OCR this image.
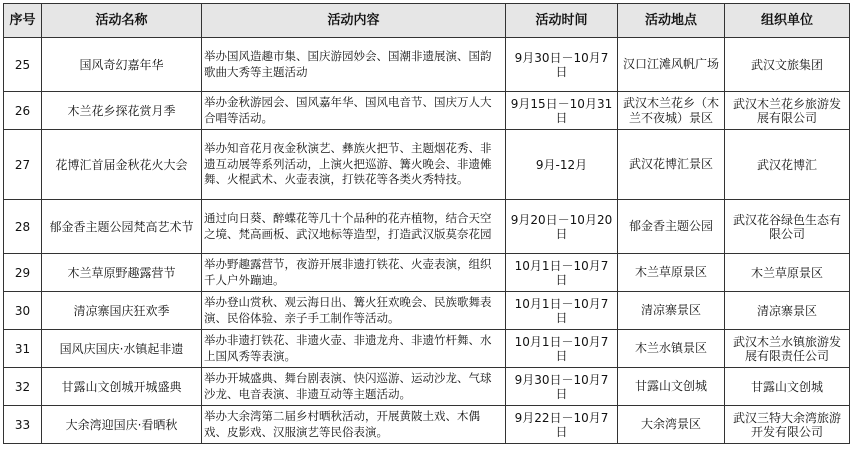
序号	活动名称	活动内容	活动时间	活动地点	组织单位
25	国风奇幻嘉年华	举办国风造趣市集、国庆游园妙会、国潮非遗展演、国韵歌曲大秀等主题活动	9月30日－10月7日	汉口江滩风帆广场	武汉文旅集团
26	木兰花乡探花赏月季	举办金秋游园会、国风嘉年华、国风电音节、国庆万人大合唱等活动。	9月15日－10月31日	武汉木兰花乡（木兰不夜城）景区	武汉木兰花乡旅游发展有限公司
27	花博汇首届金秋花火大会	举办知音花月夜金秋演艺、彝族火把节、主题烟花秀、非遗互动展等系列活动，上演火把巡游、篝火晚会、非遗傩舞、火棍武术、火壶表演，打铁花等各类火秀特技。	9月-12月	武汉花博汇景区	武汉花博汇
28	郁金香主题公园梵高艺术节	通过向日葵、醉蝶花等几十个品种的花卉植物，结合天空之境、梵高画板、武汉地标等造型，打造武汉版莫奈花园	9月20日－10月20日	郁金香主题公园	武汉花谷绿色生态有限公司
29	木兰草原野趣露营节	举办野趣露营节，夜游开展非遗打铁花、火壶表演，组织千人户外蹦迪。	10月1日－10月7日	木兰草原景区	木兰草原景区
30	清凉寨国庆狂欢季	举办登山赏秋、观云海日出、篝火狂欢晚会、民族歌舞表演、民俗体验、亲子手工制作等活动。	10月1日－10月7日	清凉寨景区	清凉寨景区
31	国风庆国庆·水镇起非遗	举办非遗打铁花、非遗火壶、非遗龙舟、非遗竹杆舞、水上国风秀等表演。	10月1日－10月7日	木兰水镇景区	武汉木兰水镇旅游发展有限责任公司
32	甘露山文创城开城盛典	举办开城盛典、舞台剧表演、快闪巡游、运动沙龙、气球沙龙、电音表演、非遗互动等主题活动。	9月30日－10月7日	甘露山文创城	甘露山文创城
33	大余湾迎国庆·看晒秋	举办大余湾第二届乡村晒秋活动，开展黄陂土戏、木偶戏、皮影戏、汉服演艺等民俗表演。	9月22日－10月7日	大余湾景区	武汉三特大余湾旅游开发有限公司
